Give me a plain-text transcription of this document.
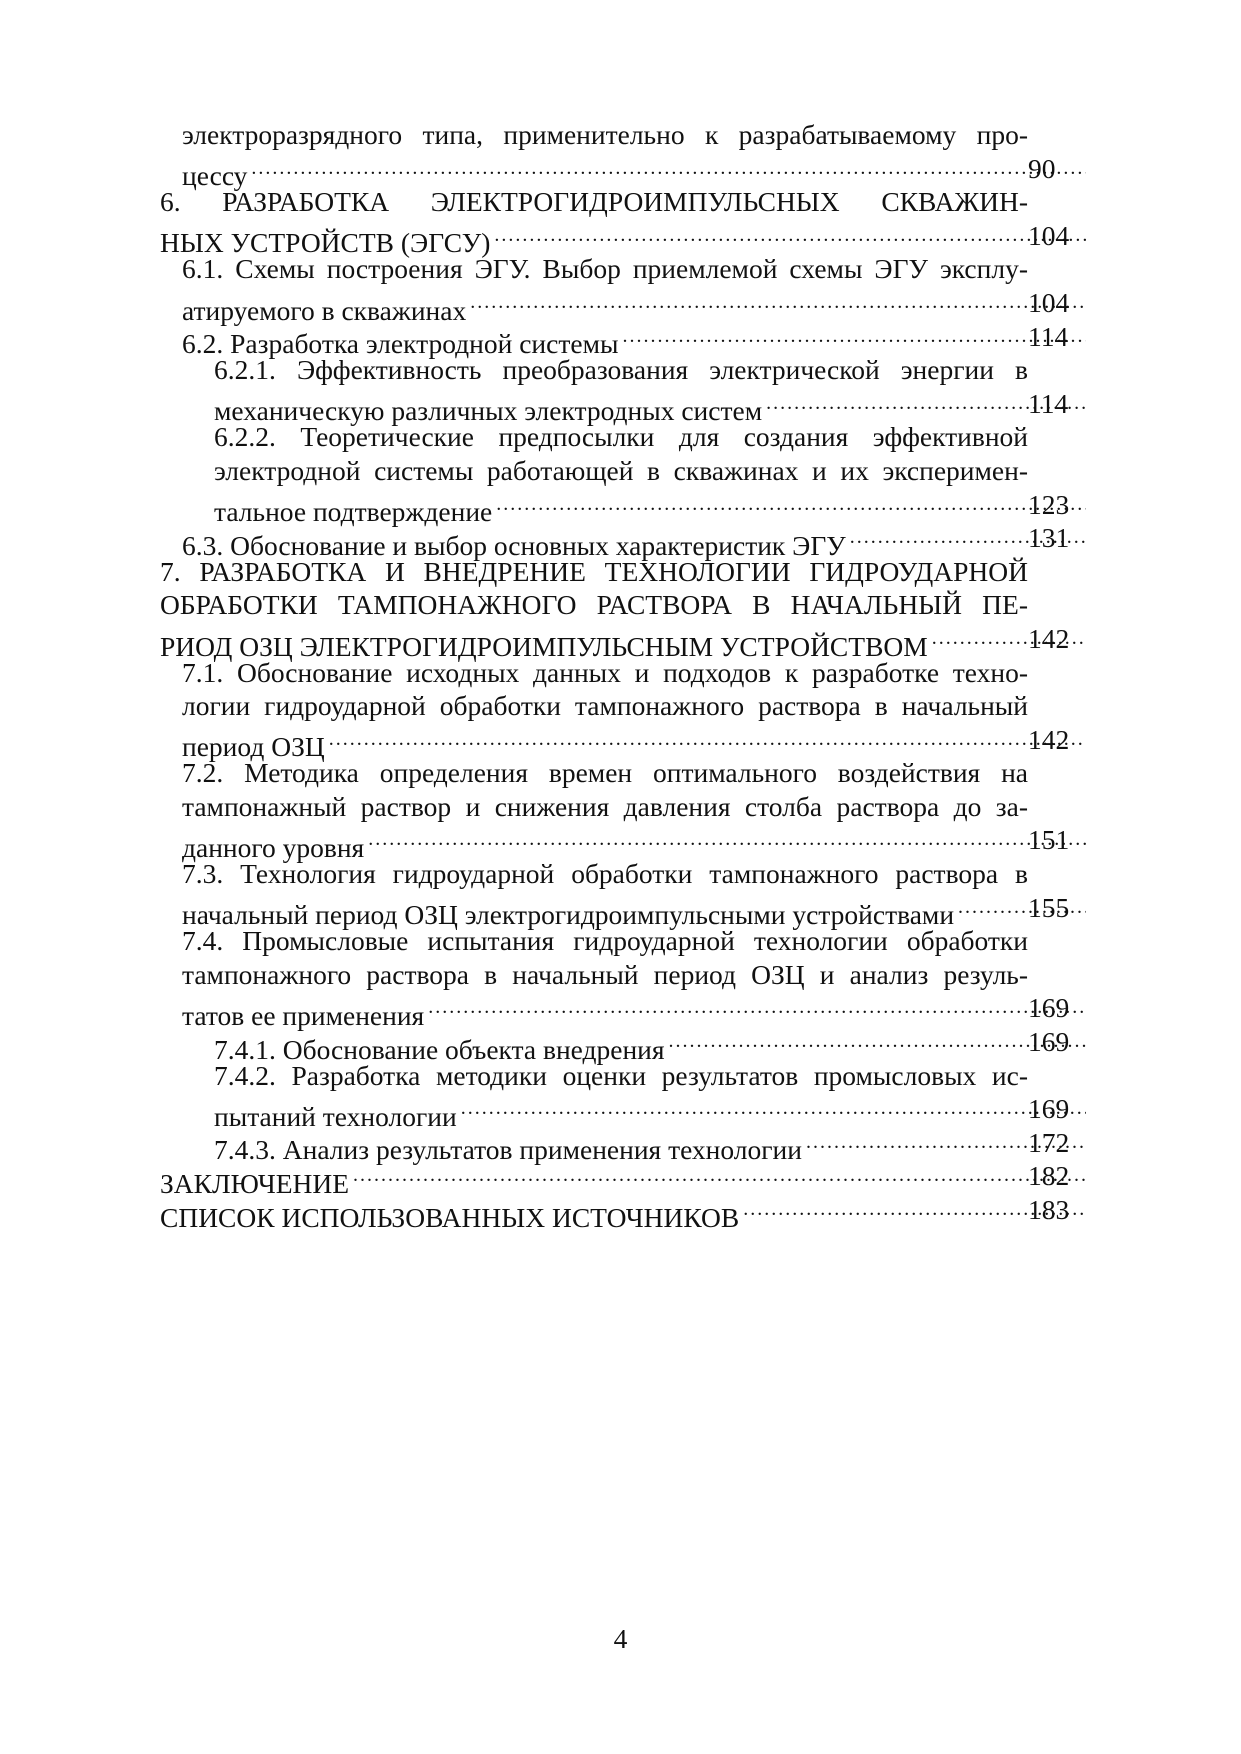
электроразрядного типа, применительно к разрабатываемому про-
цессу . . .	90
6. РАЗРАБОТКА ЭЛЕКТРОГИДРОИМПУЛЬСНЫХ СКВАЖИН-
НЫХ УСТРОЙСТВ (ЭГСУ) . . .	104
6.1. Схемы построения ЭГУ. Выбор приемлемой схемы ЭГУ эксплу-
атируемого в скважинах . . .	104
6.2. Разработка электродной системы . . .	114
6.2.1. Эффективность преобразования электрической энергии в
механическую различных электродных систем . . .	114
6.2.2. Теоретические предпосылки для создания эффективной
электродной системы работающей в скважинах и их эксперимен-
тальное подтверждение . . .	123
6.3. Обоснование и выбор основных характеристик ЭГУ . . .	131
7. РАЗРАБОТКА И ВНЕДРЕНИЕ ТЕХНОЛОГИИ ГИДРОУДАРНОЙ
ОБРАБОТКИ ТАМПОНАЖНОГО РАСТВОРА В НАЧАЛЬНЫЙ ПЕ-
РИОД ОЗЦ ЭЛЕКТРОГИДРОИМПУЛЬСНЫМ УСТРОЙСТВОМ . . .	142
7.1. Обоснование исходных данных и подходов к разработке техно-
логии гидроударной обработки тампонажного раствора в начальный
период ОЗЦ . . .	142
7.2. Методика определения времен оптимального воздействия на
тампонажный раствор и снижения давления столба раствора до за-
данного уровня . . .	151
7.3. Технология гидроударной обработки тампонажного раствора в
начальный период ОЗЦ электрогидроимпульсными устройствами . . .	155
7.4. Промысловые испытания гидроударной технологии обработки
тампонажного раствора в начальный период ОЗЦ и анализ резуль-
татов ее применения . . .	169
7.4.1. Обоснование объекта внедрения . . .	169
7.4.2. Разработка методики оценки результатов промысловых ис-
пытаний технологии . . .	169
7.4.3. Анализ результатов применения технологии . . .	172
ЗАКЛЮЧЕНИЕ . . .	182
СПИСОК ИСПОЛЬЗОВАННЫХ ИСТОЧНИКОВ . . .	183
4
